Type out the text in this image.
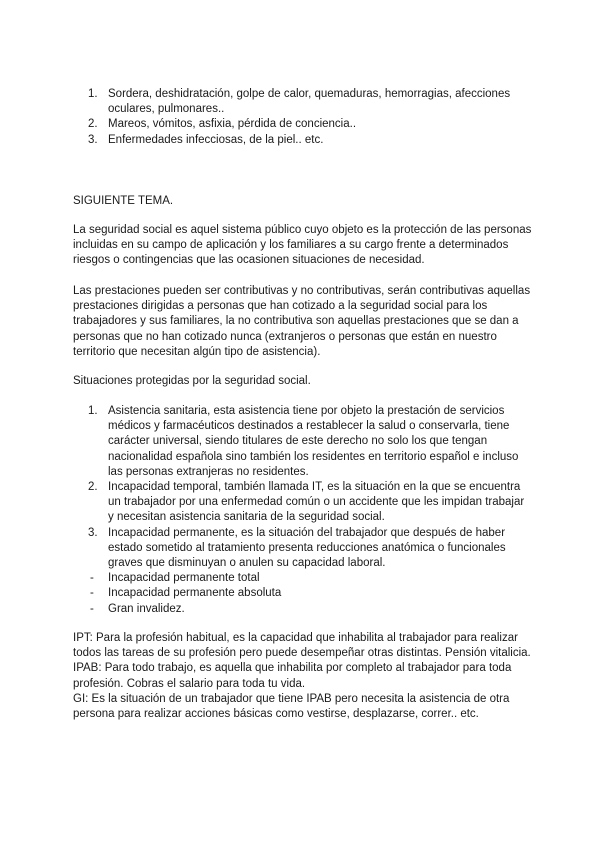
1. Sordera, deshidratación, golpe de calor, quemaduras, hemorragias, afecciones oculares, pulmonares..
2. Mareos, vómitos, asfixia, pérdida de conciencia..
3. Enfermedades infecciosas, de la piel.. etc.
SIGUIENTE TEMA.

La seguridad social es aquel sistema público cuyo objeto es la protección de las personas incluidas en su campo de aplicación y los familiares a su cargo frente a determinados riesgos o contingencias que las ocasionen situaciones de necesidad.

Las prestaciones pueden ser contributivas y no contributivas, serán contributivas aquellas prestaciones dirigidas a personas que han cotizado a la seguridad social para los trabajadores y sus familiares, la no contributiva son aquellas prestaciones que se dan a personas que no han cotizado nunca (extranjeros o personas que están en nuestro territorio que necesitan algún tipo de asistencia).

Situaciones protegidas por la seguridad social.

1. Asistencia sanitaria, esta asistencia tiene por objeto la prestación de servicios médicos y farmacéuticos destinados a restablecer la salud o conservarla, tiene carácter universal, siendo titulares de este derecho no solo los que tengan nacionalidad española sino también los residentes en territorio español e incluso las personas extranjeras no residentes.
2. Incapacidad temporal, también llamada IT, es la situación en la que se encuentra un trabajador por una enfermedad común o un accidente que les impidan trabajar y necesitan asistencia sanitaria de la seguridad social.
3. Incapacidad permanente, es la situación del trabajador que después de haber estado sometido al tratamiento presenta reducciones anatómica o funcionales graves que disminuyan o anulen su capacidad laboral.
- Incapacidad permanente total
- Incapacidad permanente absoluta
- Gran invalidez.

IPT: Para la profesión habitual, es la capacidad que inhabilita al trabajador para realizar todos las tareas de su profesión pero puede desempeñar otras distintas. Pensión vitalicia.

IPAB: Para todo trabajo, es aquella que inhabilita por completo al trabajador para toda profesión. Cobras el salario para toda tu vida.

GI: Es la situación de un trabajador que tiene IPAB pero necesita la asistencia de otra persona para realizar acciones básicas como vestirse, desplazarse, correr.. etc.
